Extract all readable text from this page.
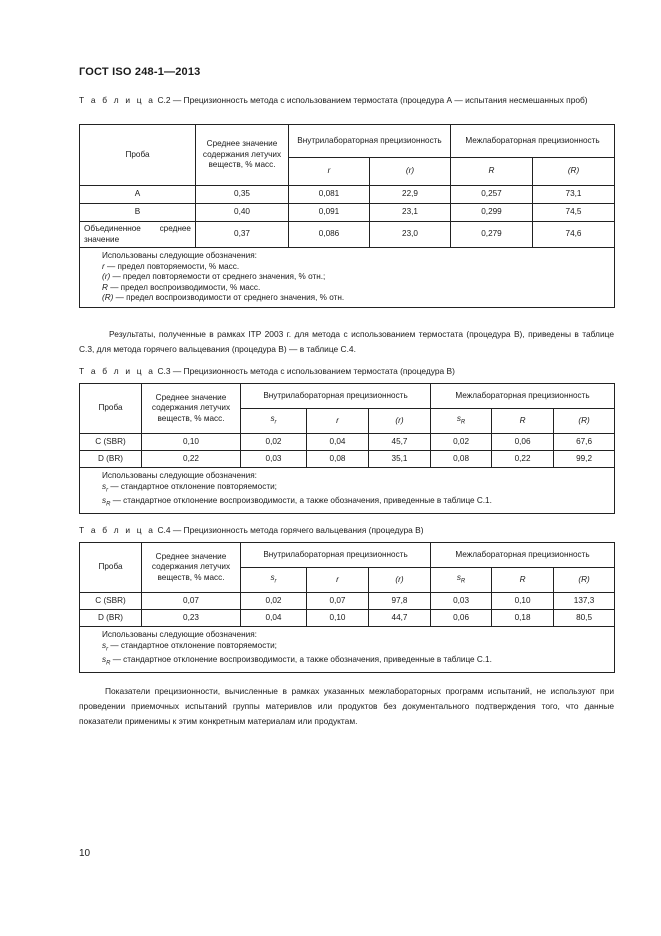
ГОСТ ISO 248-1—2013
Т а б л и ц а С.2 — Прецизионность метода с использованием термостата (процедура А — испытания несмешанных проб)
Проба	Среднее значение содержания летучих веществ, % масс.	Внутрилабораторная прецизионность		Межлабораторная прецизионность	
		r	(r)	R	(R)
A	0,35	0,081	22,9	0,257	73,1
B	0,40	0,091	23,1	0,299	74,5
Объединенное среднее значение	0,37	0,086	23,0	0,279	74,6

Использованы следующие обозначения:
r — предел повторяемости, % масс.
(r) — предел повторяемости от среднего значения, % отн.;
R — предел воспроизводимости, % масс.
(R) — предел воспроизводимости от среднего значения, % отн.					
Результаты, полученные в рамках ITP 2003 г. для метода с использованием термостата (процедура В), приведены в таблице С.3, для метода горячего вальцевания (процедура В) — в таблице С.4.
Т а б л и ц а С.3 — Прецизионность метода с использованием термостата (процедура В)
Проба	Среднее значение содержания летучих веществ, % масс.	Внутрилабораторная прецизионность			Межлабораторная прецизионность		
		$s_r$	r	(r)	$s_R$	R	(R)
C (SBR)	0,10	0,02	0,04	45,7	0,02	0,06	67,6
D (BR)	0,22	0,03	0,08	35,1	0,08	0,22	99,2

Использованы следующие обозначения:
$s_r$ — стандартное отклонение повторяемости;
$s_R$ — стандартное отклонение воспроизводимости, а также обозначения, приведенные в таблице С.1.							
Т а б л и ц а С.4 — Прецизионность метода горячего вальцевания (процедура В)
Проба	Среднее значение содержания летучих веществ, % масс.	Внутрилабораторная прецизионность			Межлабораторная прецизионность		
		$s_r$	r	(r)	$s_R$	R	(R)
C (SBR)	0,07	0,02	0,07	97,8	0,03	0,10	137,3
D (BR)	0,23	0,04	0,10	44,7	0,06	0,18	80,5

Использованы следующие обозначения:
$s_r$ — стандартное отклонение повторяемости;
$s_R$ — стандартное отклонение воспроизводимости, а также обозначения, приведенные в таблице С.1.							
Показатели прецизионности, вычисленные в рамках указанных межлабораторных программ испытаний, не используют при проведении приемочных испытаний группы материвлов или продуктов без документального подтверждения того, что данные показатели применимы к этим конкретным материалам или продуктам.
10
